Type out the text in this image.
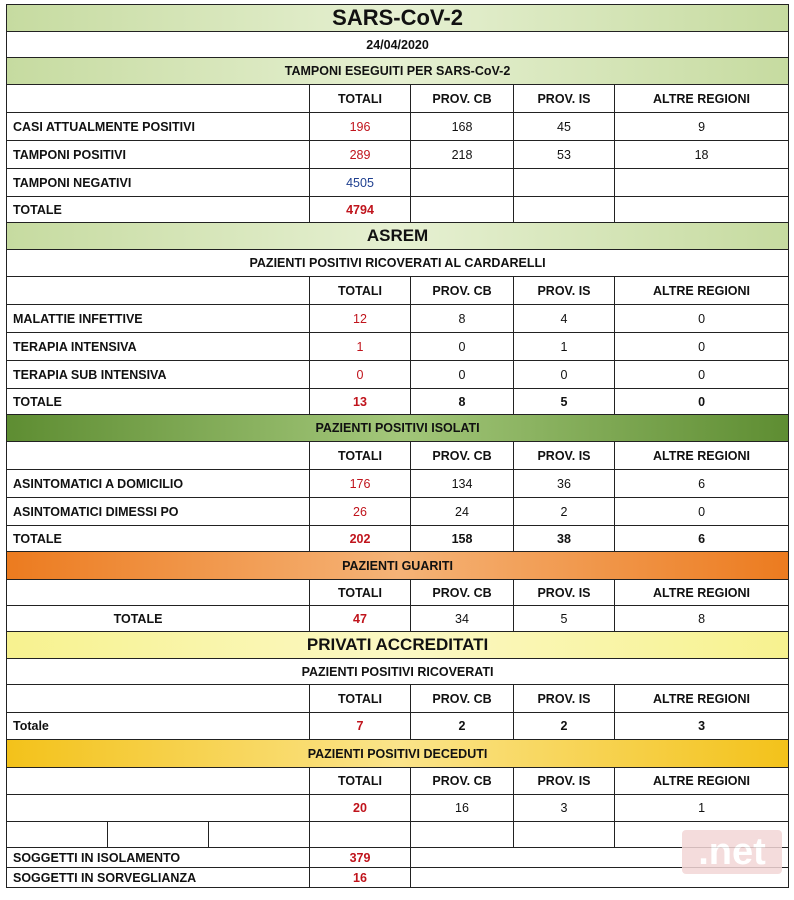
SARS-CoV-2						
24/04/2020						
TAMPONI ESEGUITI PER SARS-CoV-2						
			TOTALI	PROV. CB	PROV. IS	ALTRE REGIONI
CASI ATTUALMENTE POSITIVI			196	168	45	9
TAMPONI POSITIVI			289	218	53	18
TAMPONI NEGATIVI			4505			
TOTALE			4794			
ASREM						
PAZIENTI POSITIVI RICOVERATI AL CARDARELLI						
			TOTALI	PROV. CB	PROV. IS	ALTRE REGIONI
MALATTIE INFETTIVE			12	8	4	0
TERAPIA INTENSIVA			1	0	1	0
TERAPIA SUB INTENSIVA			0	0	0	0
TOTALE			13	8	5	0
PAZIENTI POSITIVI ISOLATI						
			TOTALI	PROV. CB	PROV. IS	ALTRE REGIONI
ASINTOMATICI A DOMICILIO			176	134	36	6
ASINTOMATICI DIMESSI PO			26	24	2	0
TOTALE			202	158	38	6
PAZIENTI GUARITI						
			TOTALI	PROV. CB	PROV. IS	ALTRE REGIONI
TOTALE			47	34	5	8
PRIVATI ACCREDITATI						
PAZIENTI POSITIVI RICOVERATI						
			TOTALI	PROV. CB	PROV. IS	ALTRE REGIONI
Totale			7	2	2	3
PAZIENTI POSITIVI DECEDUTI						
			TOTALI	PROV. CB	PROV. IS	ALTRE REGIONI
			20	16	3	1

SOGGETTI IN ISOLAMENTO			379			
SOGGETTI IN SORVEGLIANZA			16			
.net
